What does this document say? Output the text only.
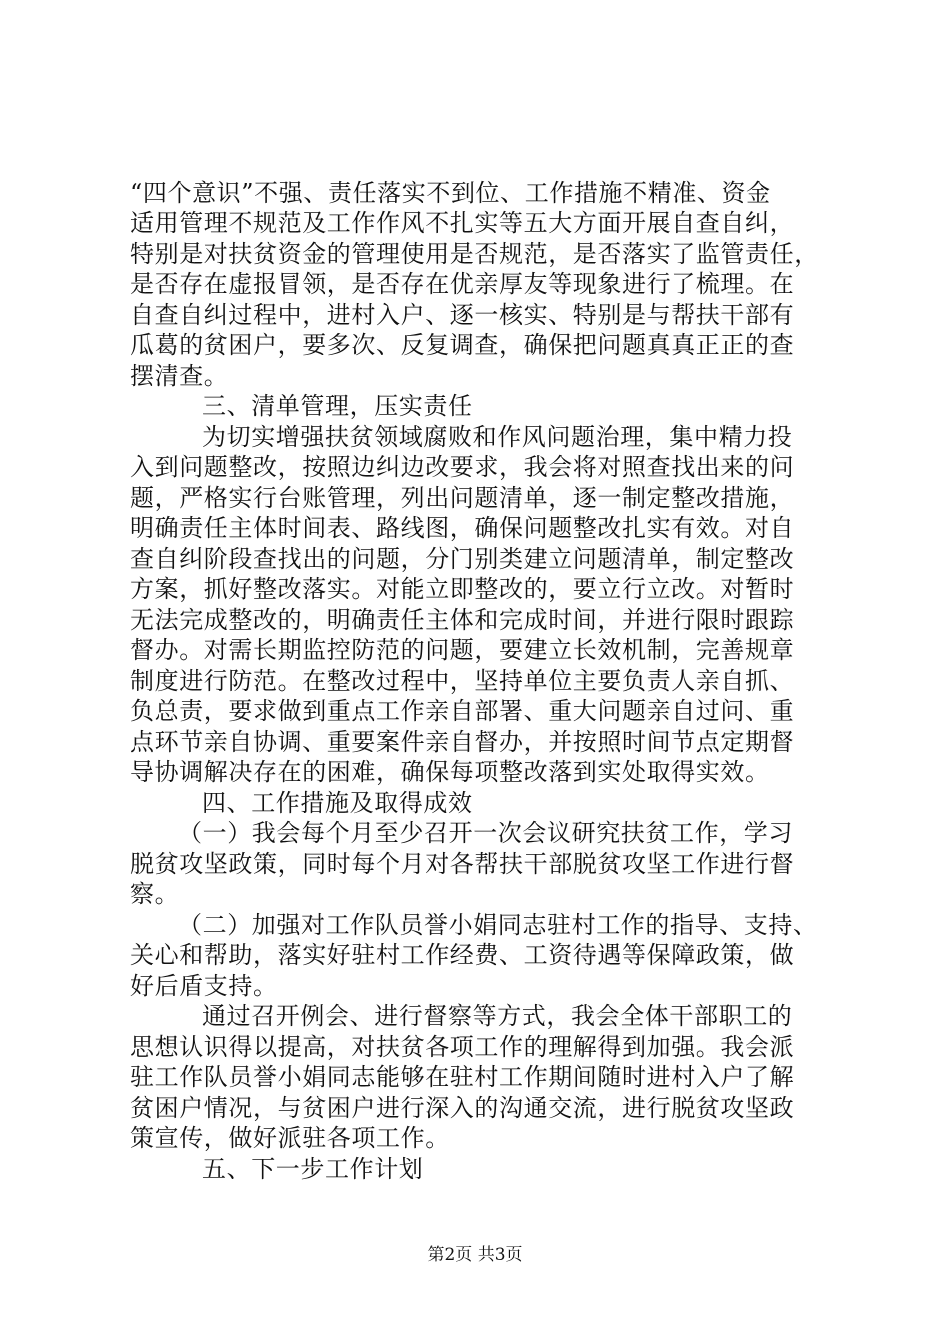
“四个意识”不强、责任落实不到位、工作措施不精准、资金
适用管理不规范及工作作风不扎实等五大方面开展自查自纠，
特别是对扶贫资金的管理使用是否规范，是否落实了监管责任，
是否存在虚报冒领，是否存在优亲厚友等现象进行了梳理。在
自查自纠过程中，进村入户、逐一核实、特别是与帮扶干部有
瓜葛的贫困户，要多次、反复调查，确保把问题真真正正的查
摆清查。
三、清单管理，压实责任
为切实增强扶贫领域腐败和作风问题治理，集中精力投
入到问题整改，按照边纠边改要求，我会将对照查找出来的问
题，严格实行台账管理，列出问题清单，逐一制定整改措施，
明确责任主体时间表、路线图，确保问题整改扎实有效。对自
查自纠阶段查找出的问题，分门别类建立问题清单，制定整改
方案，抓好整改落实。对能立即整改的，要立行立改。对暂时
无法完成整改的，明确责任主体和完成时间，并进行限时跟踪
督办。对需长期监控防范的问题，要建立长效机制，完善规章
制度进行防范。在整改过程中，坚持单位主要负责人亲自抓、
负总责，要求做到重点工作亲自部署、重大问题亲自过问、重
点环节亲自协调、重要案件亲自督办，并按照时间节点定期督
导协调解决存在的困难，确保每项整改落到实处取得实效。
四、工作措施及取得成效
（一）我会每个月至少召开一次会议研究扶贫工作，学习
脱贫攻坚政策，同时每个月对各帮扶干部脱贫攻坚工作进行督
察。
（二）加强对工作队员誉小娟同志驻村工作的指导、支持、
关心和帮助，落实好驻村工作经费、工资待遇等保障政策，做
好后盾支持。
通过召开例会、进行督察等方式，我会全体干部职工的
思想认识得以提高，对扶贫各项工作的理解得到加强。我会派
驻工作队员誉小娟同志能够在驻村工作期间随时进村入户了解
贫困户情况，与贫困户进行深入的沟通交流，进行脱贫攻坚政
策宣传，做好派驻各项工作。
五、下一步工作计划
第2页 共3页
